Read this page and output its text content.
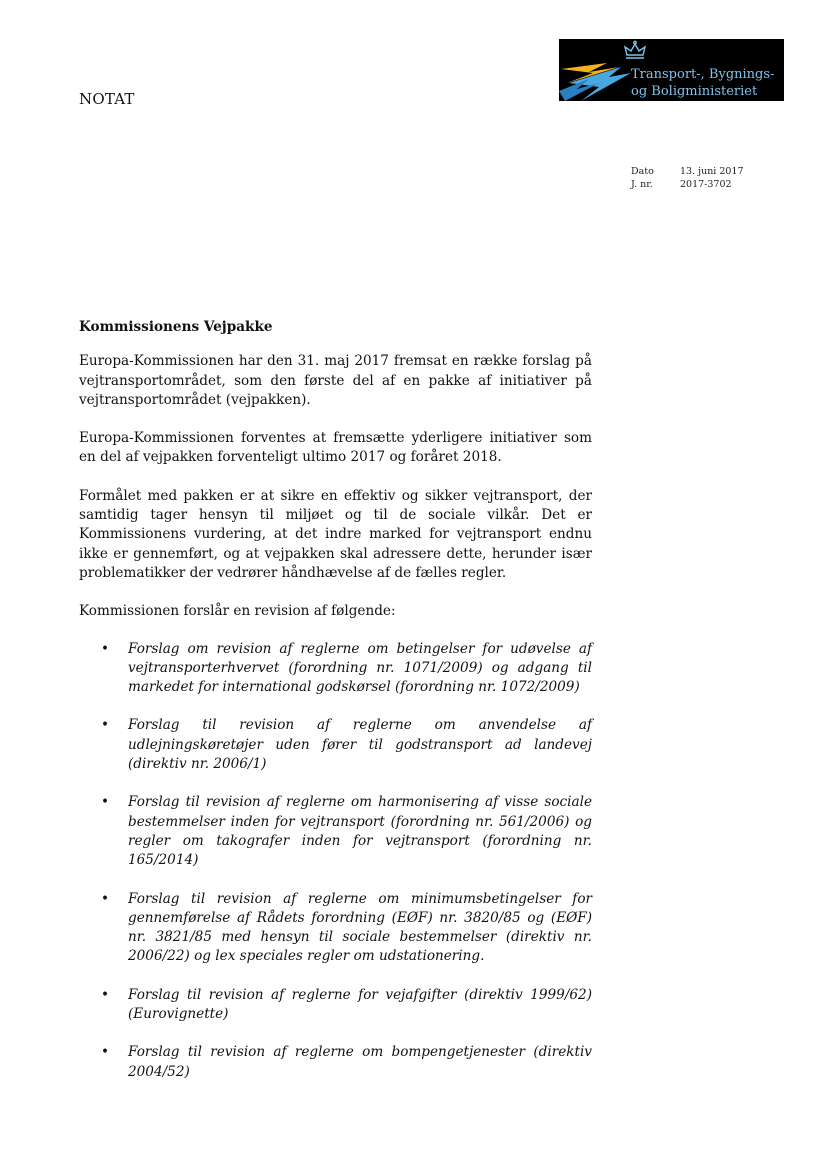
NOTAT
Transport-, Bygnings-
og Boligministeriet
Dato	13. juni 2017
J. nr.	2017-3702
Kommissionens Vejpakke

Europa-Kommissionen har den 31. maj 2017 fremsat en række forslag på vejtransportområdet, som den første del af en pakke af initiativer på vejtransportområdet (vejpakken).

Europa-Kommissionen forventes at fremsætte yderligere initiativer som en del af vejpakken forventeligt ultimo 2017 og foråret 2018.

Formålet med pakken er at sikre en effektiv og sikker vejtransport, der samtidig tager hensyn til miljøet og til de sociale vilkår. Det er Kommissionens vurdering, at det indre marked for vejtransport endnu ikke er gennemført, og at vejpakken skal adressere dette, herunder især problematikker der vedrører håndhævelse af de fælles regler.

Kommissionen forslår en revision af følgende:

• Forslag om revision af reglerne om betingelser for udøvelse af vejtransporterhvervet (forordning nr. 1071/2009) og adgang til markedet for international godskørsel (forordning nr. 1072/2009)
• Forslag til revision af reglerne om anvendelse af udlejningskøretøjer uden fører til godstransport ad landevej (direktiv nr. 2006/1)
• Forslag til revision af reglerne om harmonisering af visse sociale bestemmelser inden for vejtransport (forordning nr. 561/2006) og regler om takografer inden for vejtransport (forordning nr. 165/2014)
• Forslag til revision af reglerne om minimumsbetingelser for gennemførelse af Rådets forordning (EØF) nr. 3820/85 og (EØF) nr. 3821/85 med hensyn til sociale bestemmelser (direktiv nr. 2006/22) og lex speciales regler om udstationering.
• Forslag til revision af reglerne for vejafgifter (direktiv 1999/62) (Eurovignette)
• Forslag til revision af reglerne om bompengetjenester (direktiv 2004/52)
